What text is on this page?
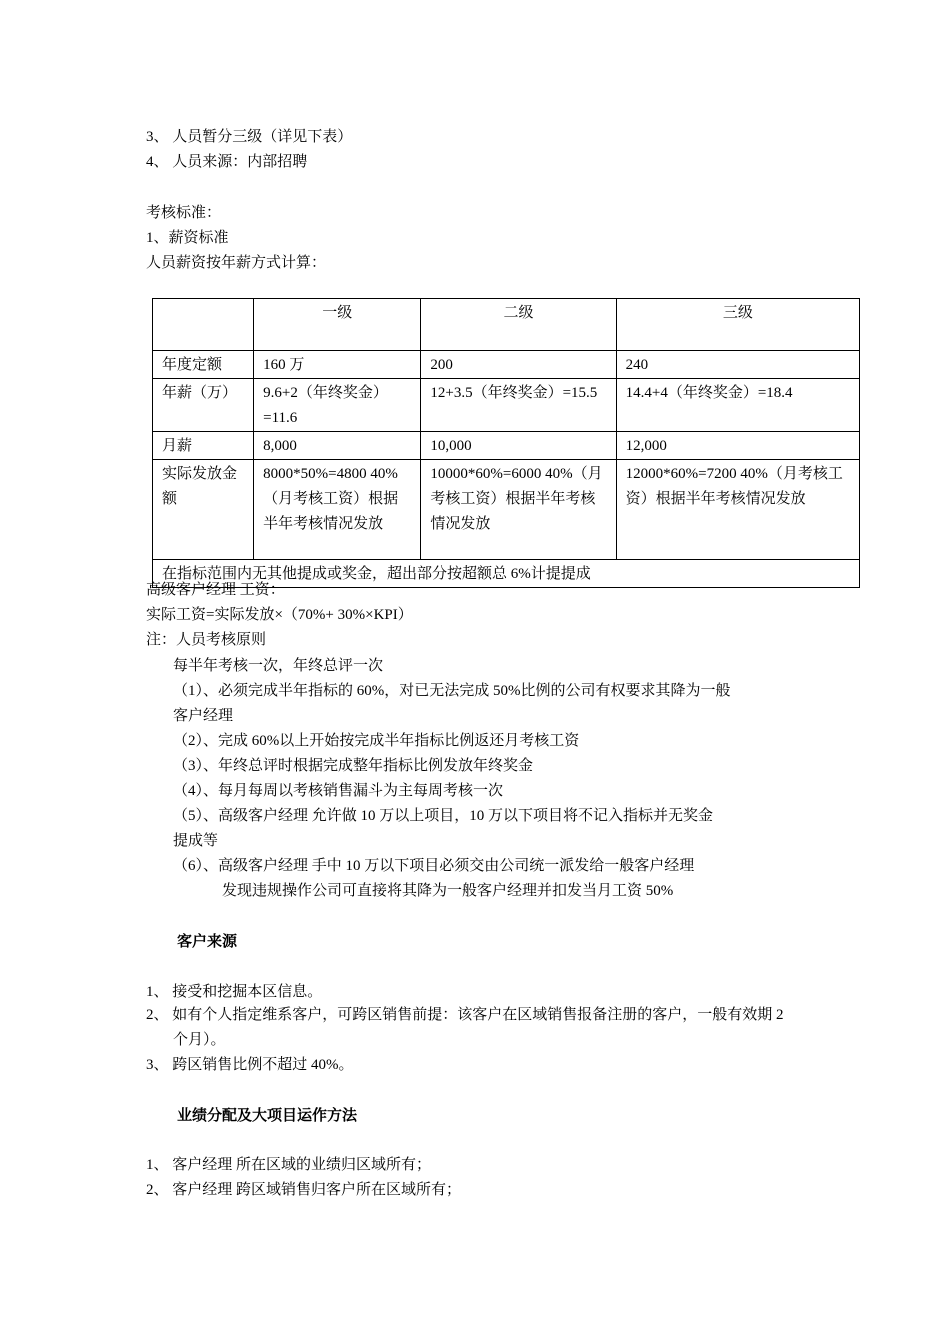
3、 人员暂分三级（详见下表）
4、 人员来源：内部招聘
考核标准：
1、薪资标准
人员薪资按年薪方式计算：
	一级	二级	三级
年度定额	160 万	200	240
年薪（万）	9.6+2（年终奖金）=11.6	12+3.5（年终奖金）=15.5	14.4+4（年终奖金）=18.4
月薪	8,000	10,000	12,000
实际发放金额	8000*50%=4800 40%（月考核工资）根据半年考核情况发放	10000*60%=6000 40%（月考核工资）根据半年考核情况发放	12000*60%=7200 40%（月考核工资）根据半年考核情况发放
在指标范围内无其他提成或奖金，超出部分按超额总 6%计提提成			
高级客户经理 工资：
实际工资=实际发放×（70%+ 30%×KPI）
注：人员考核原则
每半年考核一次，年终总评一次
（1）、必须完成半年指标的 60%，对已无法完成 50%比例的公司有权要求其降为一般
客户经理
（2）、完成 60%以上开始按完成半年指标比例返还月考核工资
（3）、年终总评时根据完成整年指标比例发放年终奖金
（4）、每月每周以考核销售漏斗为主每周考核一次
（5）、高级客户经理 允许做 10 万以上项目，10 万以下项目将不记入指标并无奖金
提成等
（6）、高级客户经理 手中 10 万以下项目必须交由公司统一派发给一般客户经理
发现违规操作公司可直接将其降为一般客户经理并扣发当月工资 50%
客户来源
1、 接受和挖掘本区信息。
2、 如有个人指定维系客户，可跨区销售前提：该客户在区域销售报备注册的客户，一般有效期 2
个月）。
3、 跨区销售比例不超过 40%。
业绩分配及大项目运作方法
1、 客户经理 所在区域的业绩归区域所有；
2、 客户经理 跨区域销售归客户所在区域所有；
